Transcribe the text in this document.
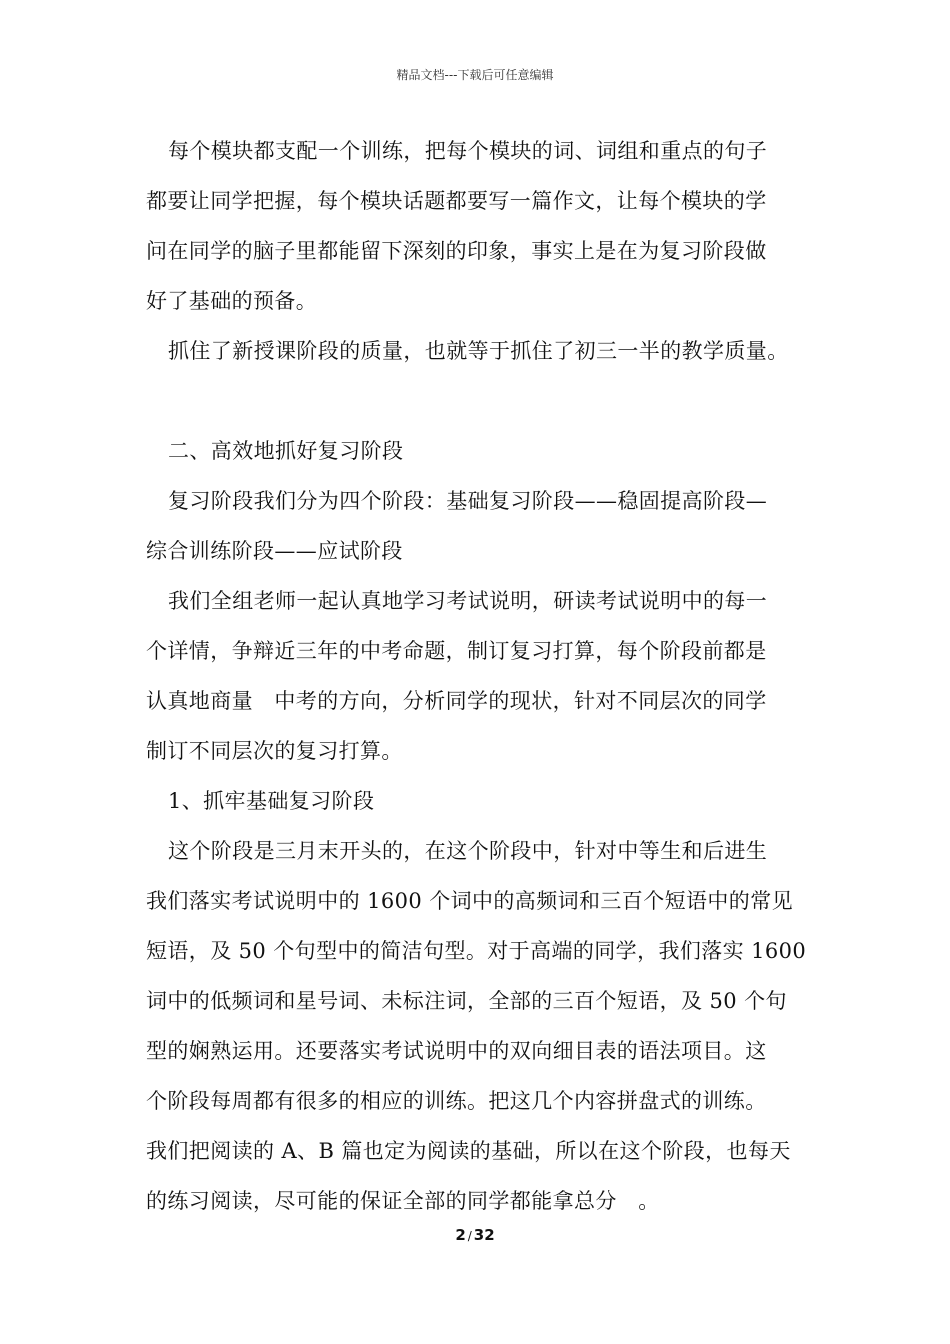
精品文档---下载后可任意编辑
每个模块都支配一个训练，把每个模块的词、词组和重点的句子
都要让同学把握，每个模块话题都要写一篇作文，让每个模块的学
问在同学的脑子里都能留下深刻的印象，事实上是在为复习阶段做
好了基础的预备。
抓住了新授课阶段的质量，也就等于抓住了初三一半的教学质量。
二、高效地抓好复习阶段
复习阶段我们分为四个阶段：基础复习阶段——稳固提高阶段—
综合训练阶段——应试阶段
我们全组老师一起认真地学习考试说明，研读考试说明中的每一
个详情，争辩近三年的中考命题，制订复习打算，每个阶段前都是
认真地商量　中考的方向，分析同学的现状，针对不同层次的同学
制订不同层次的复习打算。
1、抓牢基础复习阶段
这个阶段是三月末开头的，在这个阶段中，针对中等生和后进生
我们落实考试说明中的 1600 个词中的高频词和三百个短语中的常见
短语，及 50 个句型中的简洁句型。对于高端的同学，我们落实 1600
词中的低频词和星号词、未标注词，全部的三百个短语，及 50 个句
型的娴熟运用。还要落实考试说明中的双向细目表的语法项目。这
个阶段每周都有很多的相应的训练。把这几个内容拼盘式的训练。
我们把阅读的 A、B 篇也定为阅读的基础，所以在这个阶段，也每天
的练习阅读，尽可能的保证全部的同学都能拿总分　。
2 / 32
